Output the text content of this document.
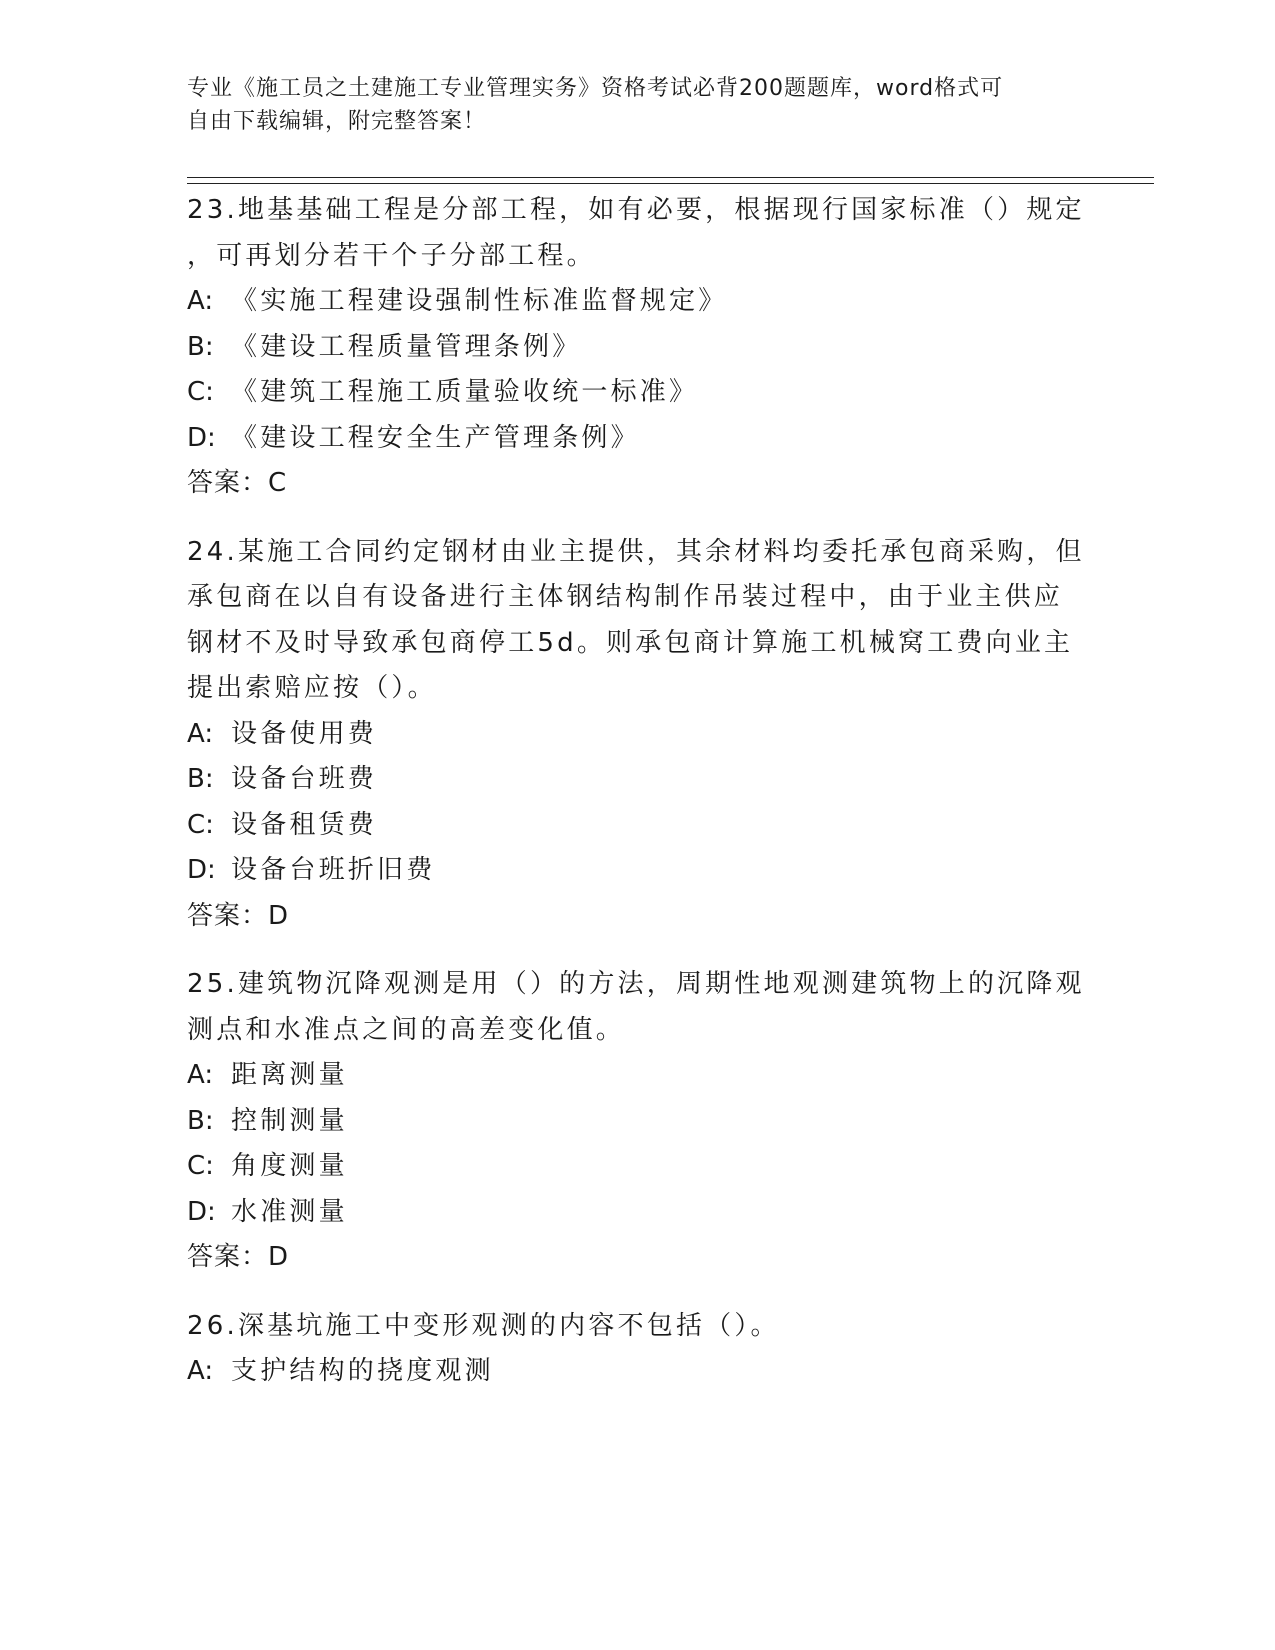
专业《施工员之土建施工专业管理实务》资格考试必背200题题库，word格式可
自由下载编辑，附完整答案！
23.地基基础工程是分部工程，如有必要，根据现行国家标准（）规定
，可再划分若干个子分部工程。
A: 《实施工程建设强制性标准监督规定》
B: 《建设工程质量管理条例》
C: 《建筑工程施工质量验收统一标准》
D: 《建设工程安全生产管理条例》
答案：C
24.某施工合同约定钢材由业主提供，其余材料均委托承包商采购，但
承包商在以自有设备进行主体钢结构制作吊装过程中，由于业主供应
钢材不及时导致承包商停工5d。则承包商计算施工机械窝工费向业主
提出索赔应按（）。
A: 设备使用费
B: 设备台班费
C: 设备租赁费
D: 设备台班折旧费
答案：D
25.建筑物沉降观测是用（）的方法，周期性地观测建筑物上的沉降观
测点和水准点之间的高差变化值。
A: 距离测量
B: 控制测量
C: 角度测量
D: 水准测量
答案：D
26.深基坑施工中变形观测的内容不包括（）。
A: 支护结构的挠度观测
